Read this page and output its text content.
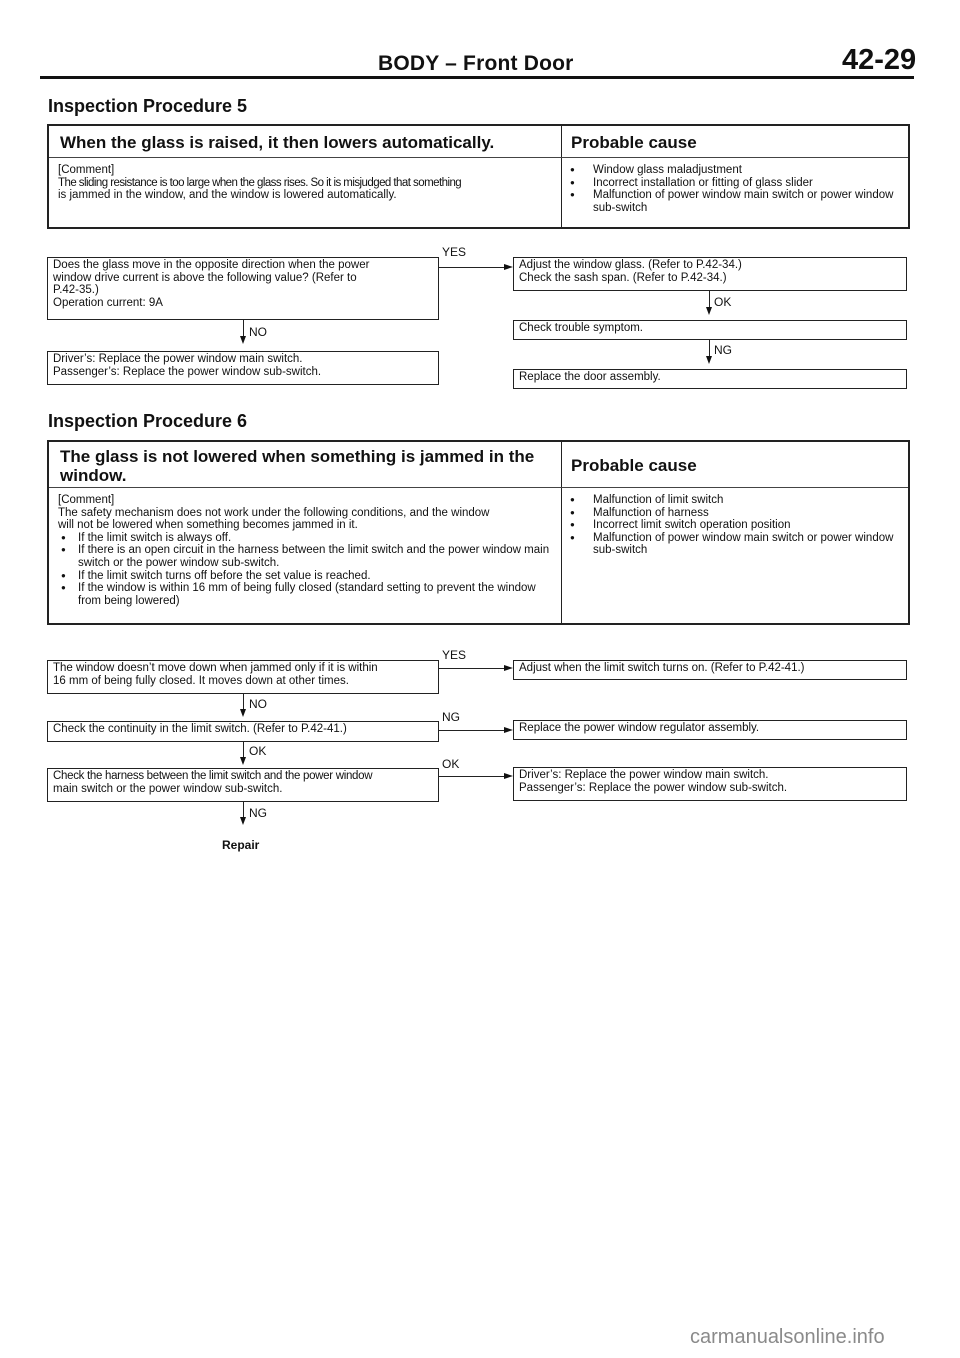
BODY – Front Door	42-29
Inspection Procedure 5
When the glass is raised, it then lowers automatically.	Probable cause
[Comment]
The sliding resistance is too large when the glass rises. So it is misjudged that something
is jammed in the window, and the window is lowered automatically.
● Window glass maladjustment
● Incorrect installation or fitting of glass slider
● Malfunction of power window main switch or power window sub-switch
Does the glass move in the opposite direction when the power
window drive current is above the following value? (Refer to
P.42-35.)
Operation current: 9A
YES
Adjust the window glass. (Refer to P.42-34.)
Check the sash span. (Refer to P.42-34.)
OK
Check trouble symptom.
NG
Replace the door assembly.
NO
Driver’s: Replace the power window main switch.
Passenger’s: Replace the power window sub-switch.
Inspection Procedure 6
The glass is not lowered when something is jammed in the
window.
Probable cause
[Comment]
The safety mechanism does not work under the following conditions, and the window
will not be lowered when something becomes jammed in it.
● If the limit switch is always off.
● If there is an open circuit in the harness between the limit switch and the power window main switch or the power window sub-switch.
● If the limit switch turns off before the set value is reached.
● If the window is within 16 mm of being fully closed (standard setting to prevent the window from being lowered)
● Malfunction of limit switch
● Malfunction of harness
● Incorrect limit switch operation position
● Malfunction of power window main switch or power window sub-switch
The window doesn’t move down when jammed only if it is within
16 mm of being fully closed. It moves down at other times.
YES
Adjust when the limit switch turns on. (Refer to P.42-41.)
NO
Check the continuity in the limit switch. (Refer to P.42-41.)
NG
Replace the power window regulator assembly.
OK
Check the harness between the limit switch and the power window
main switch or the power window sub-switch.
OK
Driver’s: Replace the power window main switch.
Passenger’s: Replace the power window sub-switch.
NG
Repair
carmanualsonline.info
